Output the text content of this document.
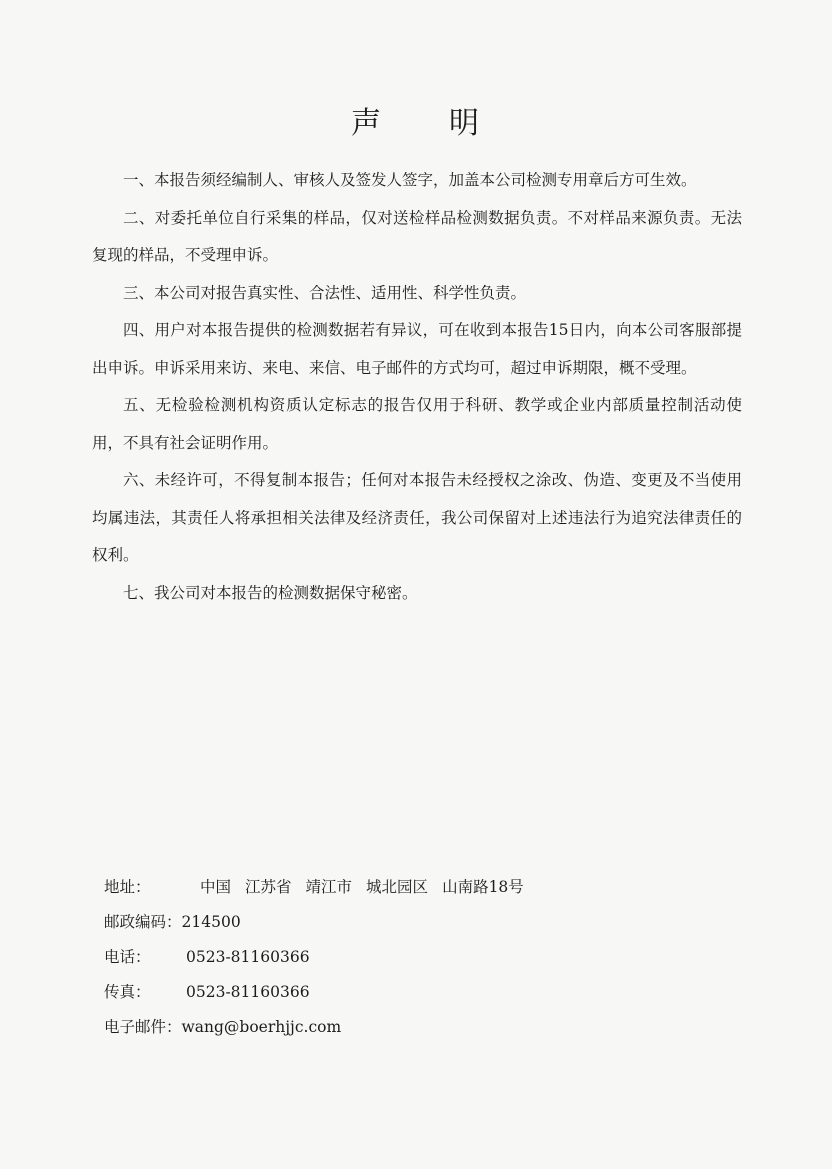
声 明

一、本报告须经编制人、审核人及签发人签字，加盖本公司检测专用章后方可生效。

二、对委托单位自行采集的样品，仅对送检样品检测数据负责。不对样品来源负责。无法复现的样品，不受理申诉。

三、本公司对报告真实性、合法性、适用性、科学性负责。

四、用户对本报告提供的检测数据若有异议，可在收到本报告15日内，向本公司客服部提出申诉。申诉采用来访、来电、来信、电子邮件的方式均可，超过申诉期限，概不受理。

五、无检验检测机构资质认定标志的报告仅用于科研、教学或企业内部质量控制活动使用，不具有社会证明作用。

六、未经许可，不得复制本报告；任何对本报告未经授权之涂改、伪造、变更及不当使用均属违法，其责任人将承担相关法律及经济责任，我公司保留对上述违法行为追究法律责任的权利。

七、我公司对本报告的检测数据保守秘密。

地址：	中国 江苏省 靖江市 城北园区 山南路18号
邮政编码：214500
电话： 0523-81160366
传真： 0523-81160366
电子邮件：wang@boerhjjc.com
